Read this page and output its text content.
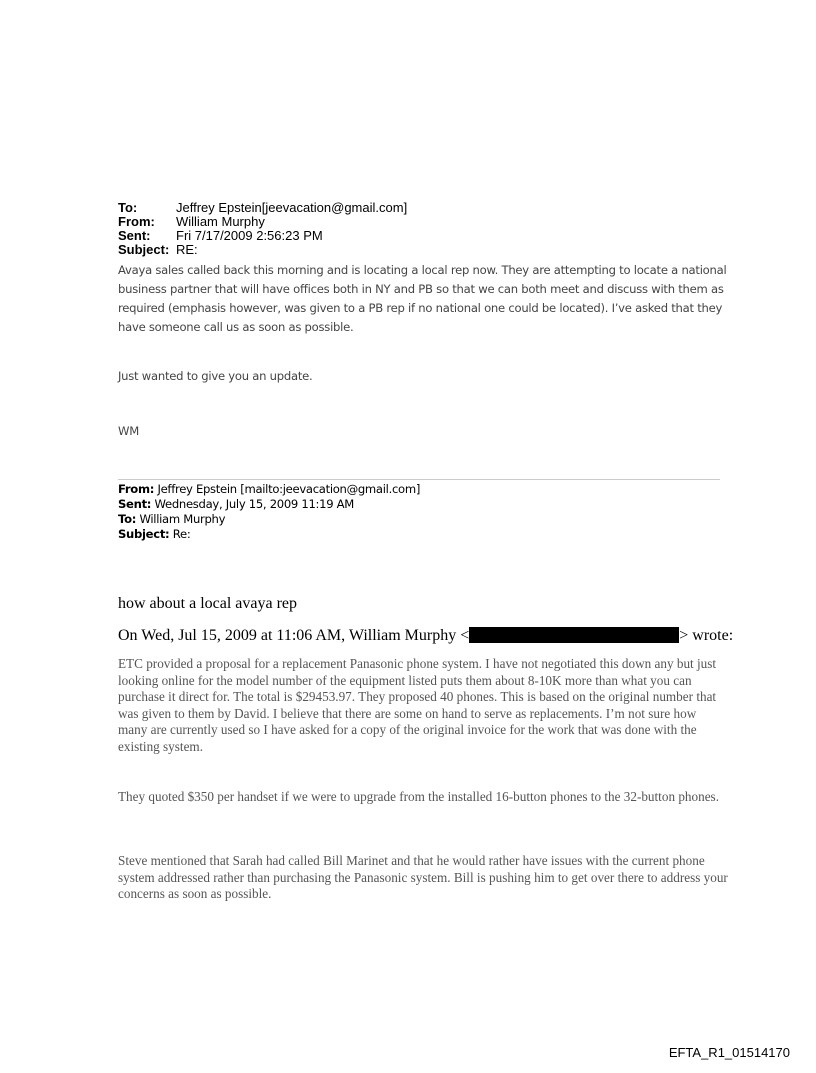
To:	Jeffrey Epstein[jeevacation@gmail.com]
From:	William Murphy
Sent:	Fri 7/17/2009 2:56:23 PM
Subject: RE:
Avaya sales called back this morning and is locating a local rep now. They are attempting to locate a national business partner that will have offices both in NY and PB so that we can both meet and discuss with them as required (emphasis however, was given to a PB rep if no national one could be located). I’ve asked that they have someone call us as soon as possible.
Just wanted to give you an update.
WM
From: Jeffrey Epstein [mailto:jeevacation@gmail.com]
Sent: Wednesday, July 15, 2009 11:19 AM
To: William Murphy
Subject: Re:
how about a local avaya rep
On Wed, Jul 15, 2009 at 11:06 AM, William Murphy <	> wrote:
ETC provided a proposal for a replacement Panasonic phone system. I have not negotiated this down any but just looking online for the model number of the equipment listed puts them about 8-10K more than what you can purchase it direct for. The total is $29453.97. They proposed 40 phones. This is based on the original number that was given to them by David. I believe that there are some on hand to serve as replacements. I’m not sure how many are currently used so I have asked for a copy of the original invoice for the work that was done with the existing system.
They quoted $350 per handset if we were to upgrade from the installed 16-button phones to the 32-button phones.
Steve mentioned that Sarah had called Bill Marinet and that he would rather have issues with the current phone system addressed rather than purchasing the Panasonic system. Bill is pushing him to get over there to address your concerns as soon as possible.
EFTA_R1_01514170
